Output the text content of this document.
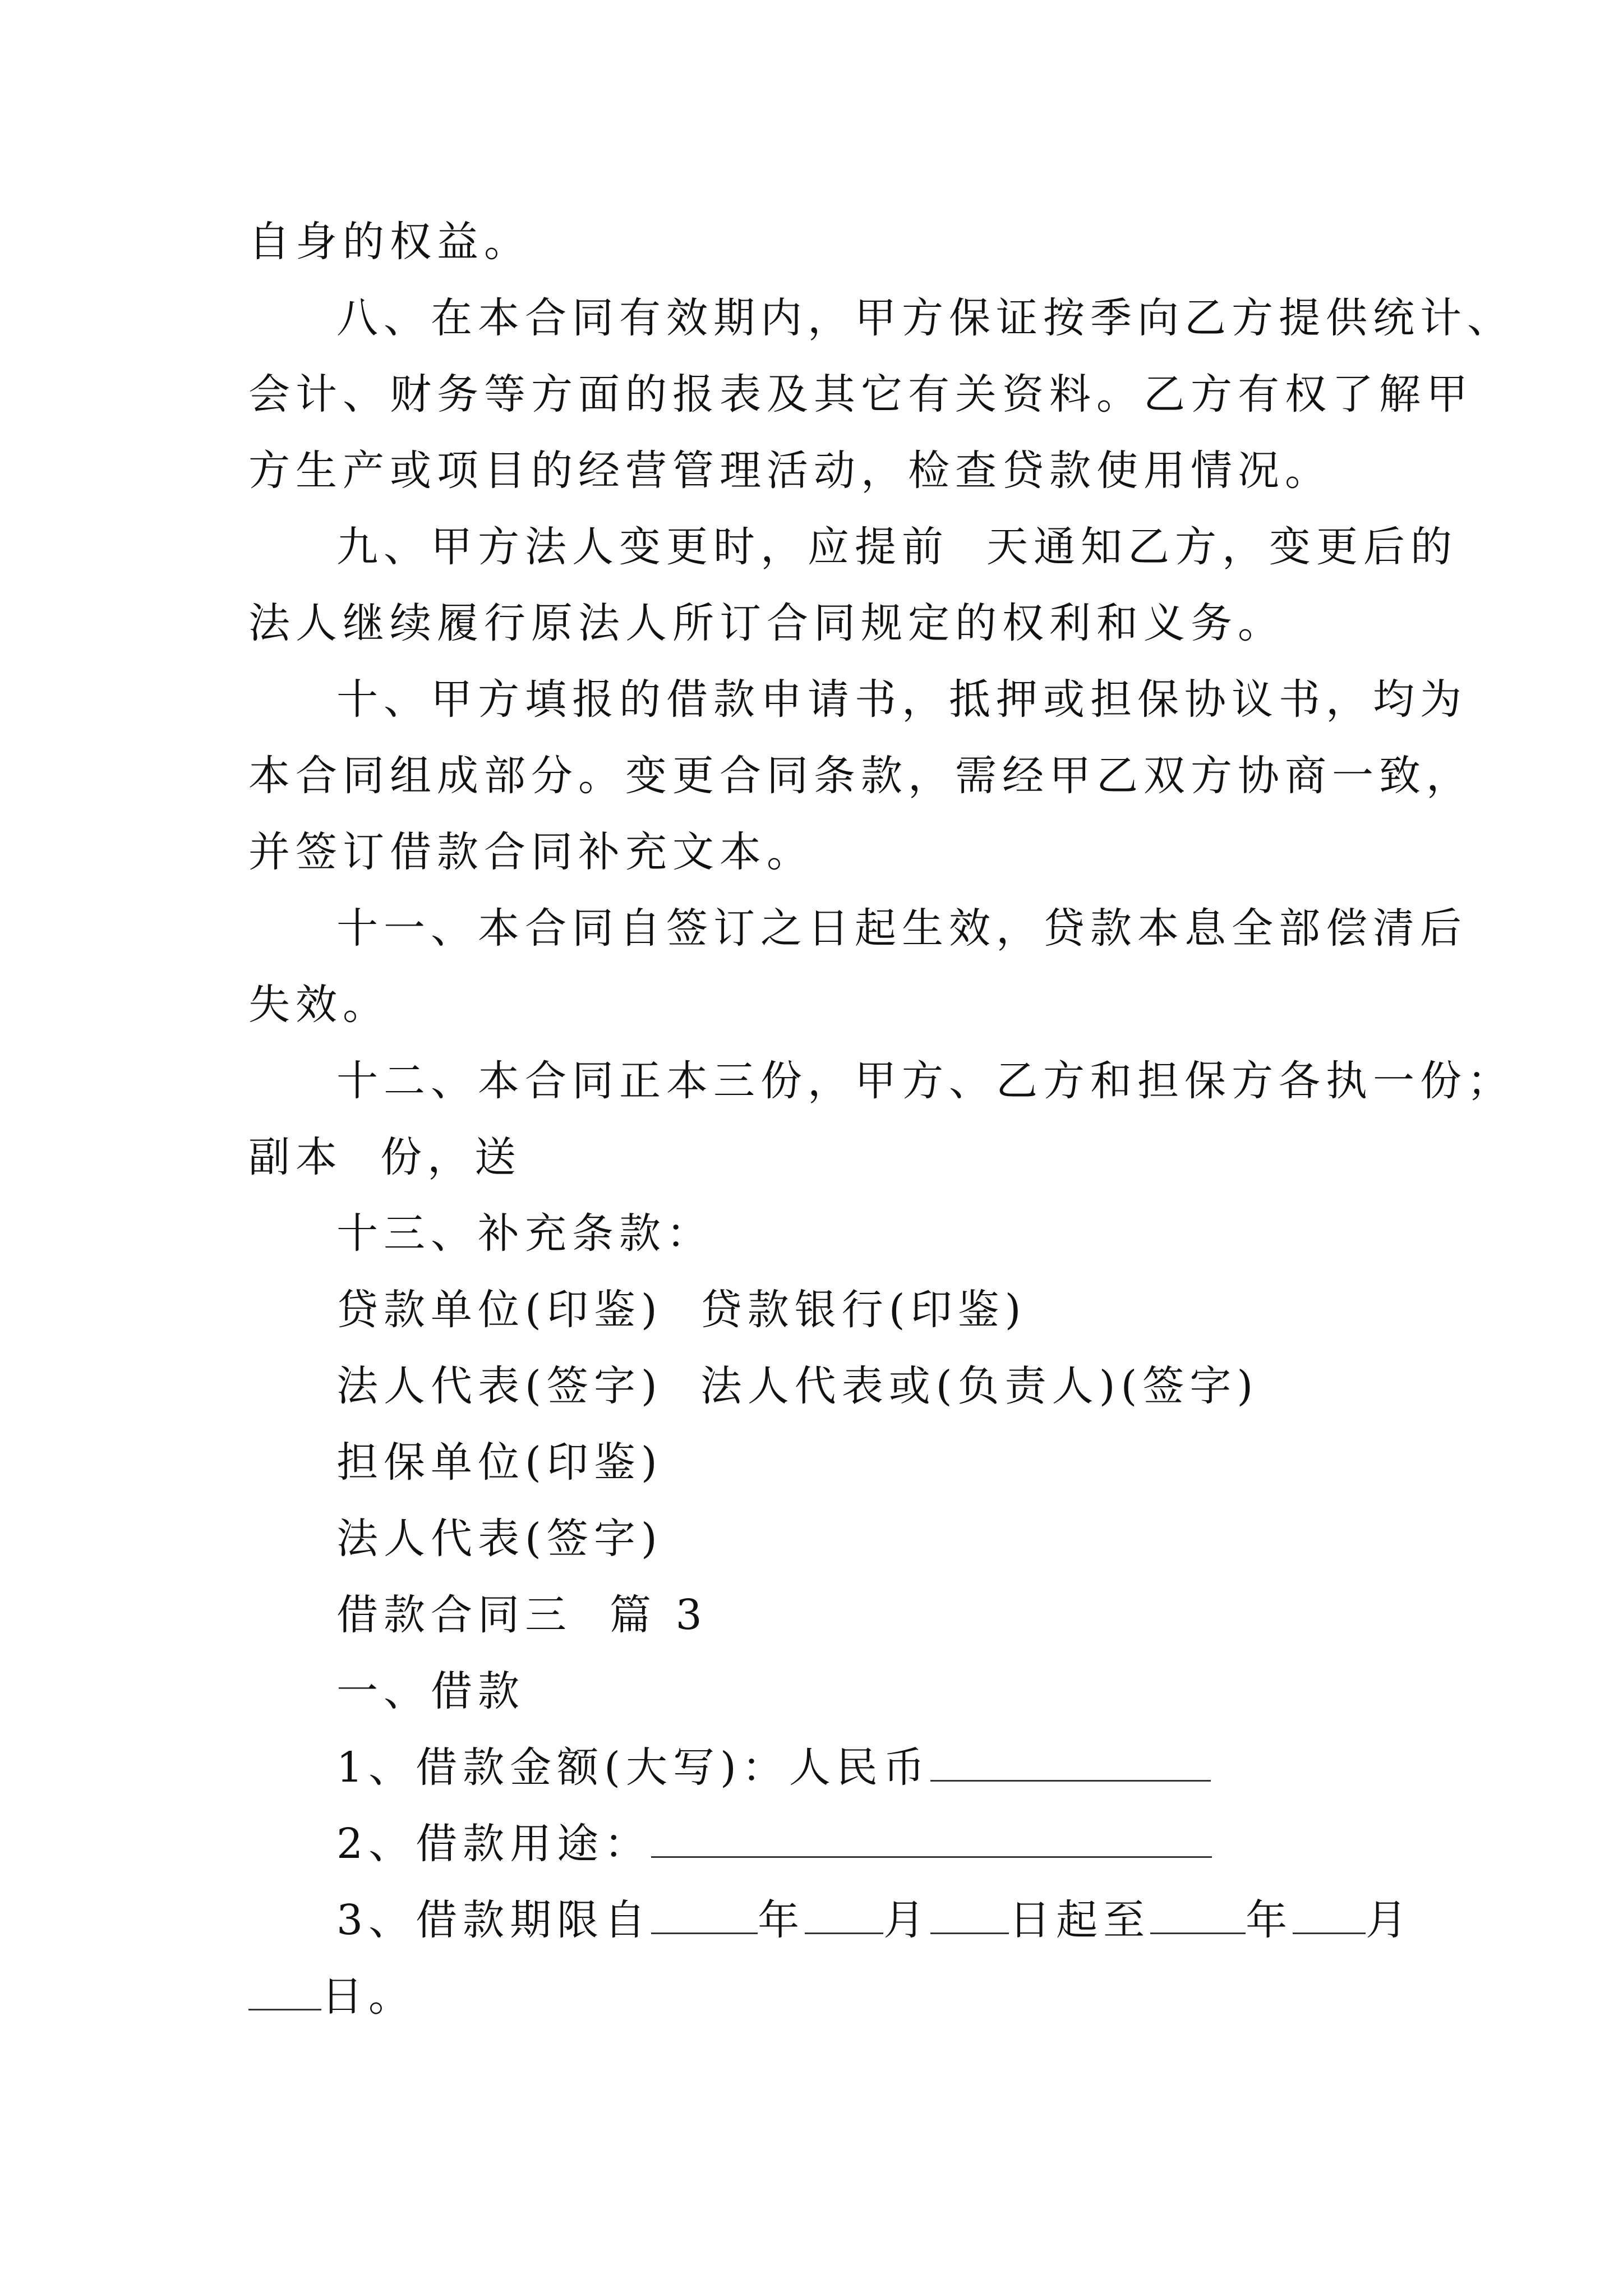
自身的权益。
八、在本合同有效期内，甲方保证按季向乙方提供统计、
会计、财务等方面的报表及其它有关资料。乙方有权了解甲
方生产或项目的经营管理活动，检查贷款使用情况。
九、甲方法人变更时，应提前  天通知乙方，变更后的
法人继续履行原法人所订合同规定的权利和义务。
十、甲方填报的借款申请书，抵押或担保协议书，均为
本合同组成部分。变更合同条款，需经甲乙双方协商一致，
并签订借款合同补充文本。
十一、本合同自签订之日起生效，贷款本息全部偿清后
失效。
十二、本合同正本三份，甲方、乙方和担保方各执一份；
副本  份，送
十三、补充条款：
贷款单位(印鉴)  贷款银行(印鉴)
法人代表(签字)  法人代表或(负责人)(签字)
担保单位(印鉴)
法人代表(签字)
借款合同三  篇 3
一、借款
1、借款金额(大写)：人民币
2、借款用途：
3、借款期限自	年 月 日起至 年 月
日。
